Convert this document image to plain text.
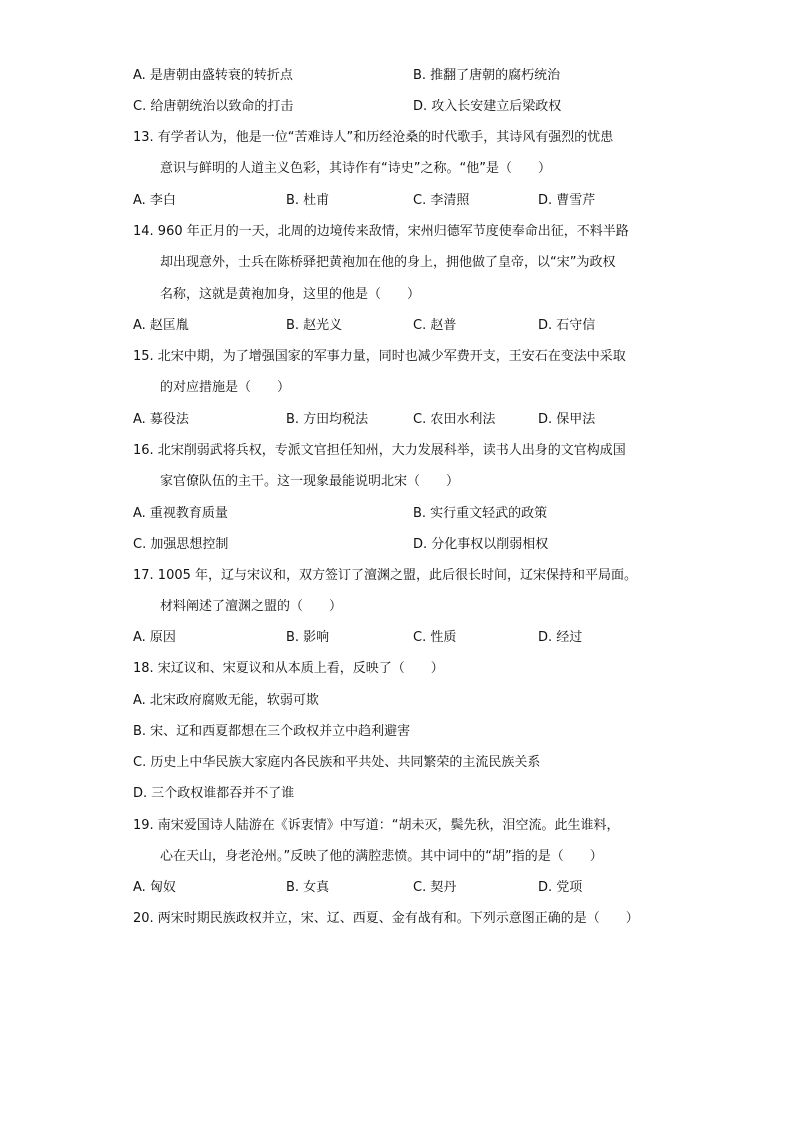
A. 是唐朝由盛转衰的转折点	B. 推翻了唐朝的腐朽统治
C. 给唐朝统治以致命的打击	D. 攻入长安建立后梁政权
13. 有学者认为，他是一位“苦难诗人”和历经沧桑的时代歌手，其诗风有强烈的忧患
意识与鲜明的人道主义色彩，其诗作有“诗史”之称。“他”是（　　）
A. 李白	B. 杜甫	C. 李清照	D. 曹雪芹
14. 960 年正月的一天，北周的边境传来敌情，宋州归德军节度使奉命出征，不料半路
却出现意外，士兵在陈桥驿把黄袍加在他的身上，拥他做了皇帝，以“宋”为政权
名称，这就是黄袍加身，这里的他是（　　）
A. 赵匡胤	B. 赵光义	C. 赵普	D. 石守信
15. 北宋中期，为了增强国家的军事力量，同时也减少军费开支，王安石在变法中采取
的对应措施是（　　）
A. 募役法	B. 方田均税法	C. 农田水利法	D. 保甲法
16. 北宋削弱武将兵权，专派文官担任知州，大力发展科举，读书人出身的文官构成国
家官僚队伍的主干。这一现象最能说明北宋（　　）
A. 重视教育质量	B. 实行重文轻武的政策
C. 加强思想控制	D. 分化事权以削弱相权
17. 1005 年，辽与宋议和，双方签订了澶渊之盟，此后很长时间，辽宋保持和平局面。
材料阐述了澶渊之盟的（　　）
A. 原因	B. 影响	C. 性质	D. 经过
18. 宋辽议和、宋夏议和从本质上看，反映了（　　）
A. 北宋政府腐败无能，软弱可欺
B. 宋、辽和西夏都想在三个政权并立中趋利避害
C. 历史上中华民族大家庭内各民族和平共处、共同繁荣的主流民族关系
D. 三个政权谁都吞并不了谁
19. 南宋爱国诗人陆游在《诉衷情》中写道：“胡未灭，鬓先秋，泪空流。此生谁料，
心在天山，身老沧州。”反映了他的满腔悲愤。其中词中的“胡”指的是（　　）
A. 匈奴	B. 女真	C. 契丹	D. 党项
20. 两宋时期民族政权并立，宋、辽、西夏、金有战有和。下列示意图正确的是（　　）
